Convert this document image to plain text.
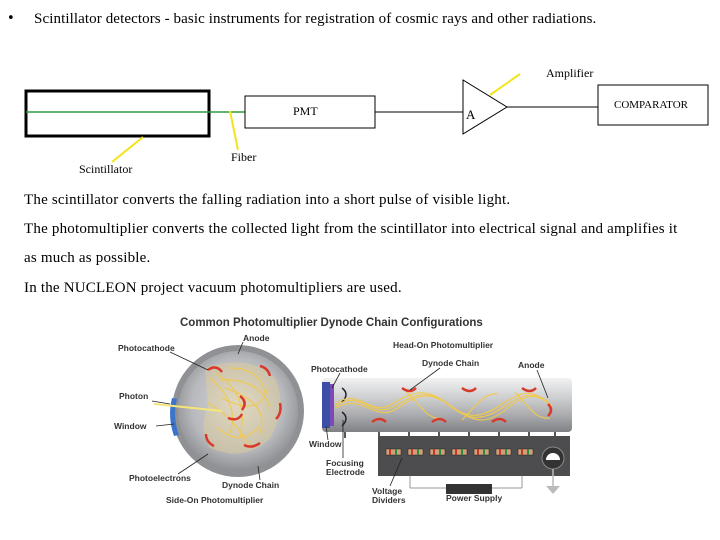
• Scintillator detectors - basic instruments for registration of cosmic rays and other radiations.
Amplifier
PMT	A
COMPARATOR
Fiber
Scintillator
The scintillator converts the falling radiation into a short pulse of visible light.
The photomultiplier converts the collected light from the scintillator into electrical signal and amplifies it
as much as possible.
In the NUCLEON project vacuum photomultipliers are used.
Common Photomultiplier Dynode Chain Configurations
Photocathode
Anode
Photon
Window
Photoelectrons
Dynode Chain
Side-On Photomultiplier
Head-On Photomultiplier
Power Supply
Photocathode
Dynode Chain	Anode
Window
Focusing Electrode
Voltage Dividers
